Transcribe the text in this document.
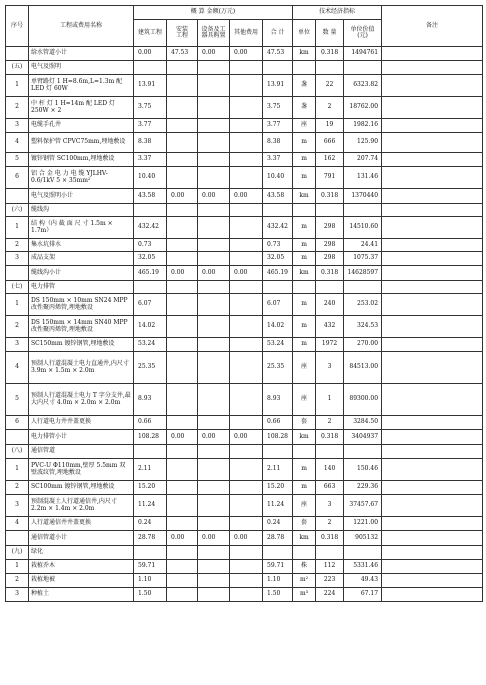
序号	工程或费用名称	概 算 金额(万元)					技术经济指标			备注
		建筑工程	安装
工程	设备及工
器具购置	其他费用	合 计	单位	数 量	单位价值
(元)	
	给水管道小计	0.00	47.53	0.00	0.00	47.53	km	0.318	1494761	
(五)	电气及照明									
1	单臂路灯 1 H=8.6m,L=1.3m 配 LED 灯 60W	13.91				13.91	盏	22	6323.82	
2	中 杆 灯 1 H=14m 配 LED 灯 250W × 2	3.75				3.75	盏	2	18762.00	
3	电缆手孔井	3.77				3.77	座	19	1982.16	
4	塑料保护管 CPVC75mm,埋地敷设	8.38				8.38	m	666	125.90	
5	镀锌钢管 SC100mm,埋地敷设	3.37				3.37	m	162	207.74	
6	铝 合 金 电 力 电 缆 YJLHV-0.6/1kV 5 × 35mm²	10.40				10.40	m	791	131.46	
	电气及照明小计	43.58	0.00	0.00	0.00	43.58	km	0.318	1370440	
(六)	缆线沟									
1	结 构（内 截 面 尺 寸 1.5m × 1.7m）	432.42				432.42	m	298	14510.60	
2	集水坑排水	0.73				0.73	m	298	24.41	
3	成品支架	32.05				32.05	m	298	1075.37	
	缆线沟小计	465.19	0.00	0.00	0.00	465.19	km	0.318	14628597	
(七)	电力排管									
1	DS 150mm × 10mm SN24 MPP 改性聚丙烯管,埋地敷设	6.07				6.07	m	240	253.02	
2	DS 150mm × 14mm SN40 MPP 改性聚丙烯管,埋地敷设	14.02				14.02	m	432	324.53	
3	SC150mm 镀锌钢管,埋地敷设	53.24				53.24	m	1972	270.00	
4	预制人行道混凝土电力直通井,内尺寸 3.9m × 1.5m × 2.0m	25.35				25.35	座	3	84513.00	
5	预制人行道混凝土电力 T 字分支井,最大内尺寸 4.0m × 2.0m × 2.0m	8.93				8.93	座	1	89300.00	
6	人行道电力井井盖更换	0.66				0.66	套	2	3284.50	
	电力排管小计	108.28	0.00	0.00	0.00	108.28	km	0.318	3404937	
(八)	通信管道									
1	PVC-U Φ110mm,壁厚 5.5mm 双壁波纹管,埋地敷设	2.11				2.11	m	140	150.46	
2	SC100mm 镀锌钢管,埋地敷设	15.20				15.20	m	663	229.36	
3	预制混凝土人行道通信井,内尺寸 2.2m × 1.4m × 2.0m	11.24				11.24	座	3	37457.67	
4	人行道通信井井盖更换	0.24				0.24	套	2	1221.00	
	通信管道小计	28.78	0.00	0.00	0.00	28.78	km	0.318	905132	
(九)	绿化									
1	栽植乔木	59.71				59.71	株	112	5331.46	
2	栽植地被	1.10				1.10	m²	223	49.43	
3	种植土	1.50				1.50	m³	224	67.17	
